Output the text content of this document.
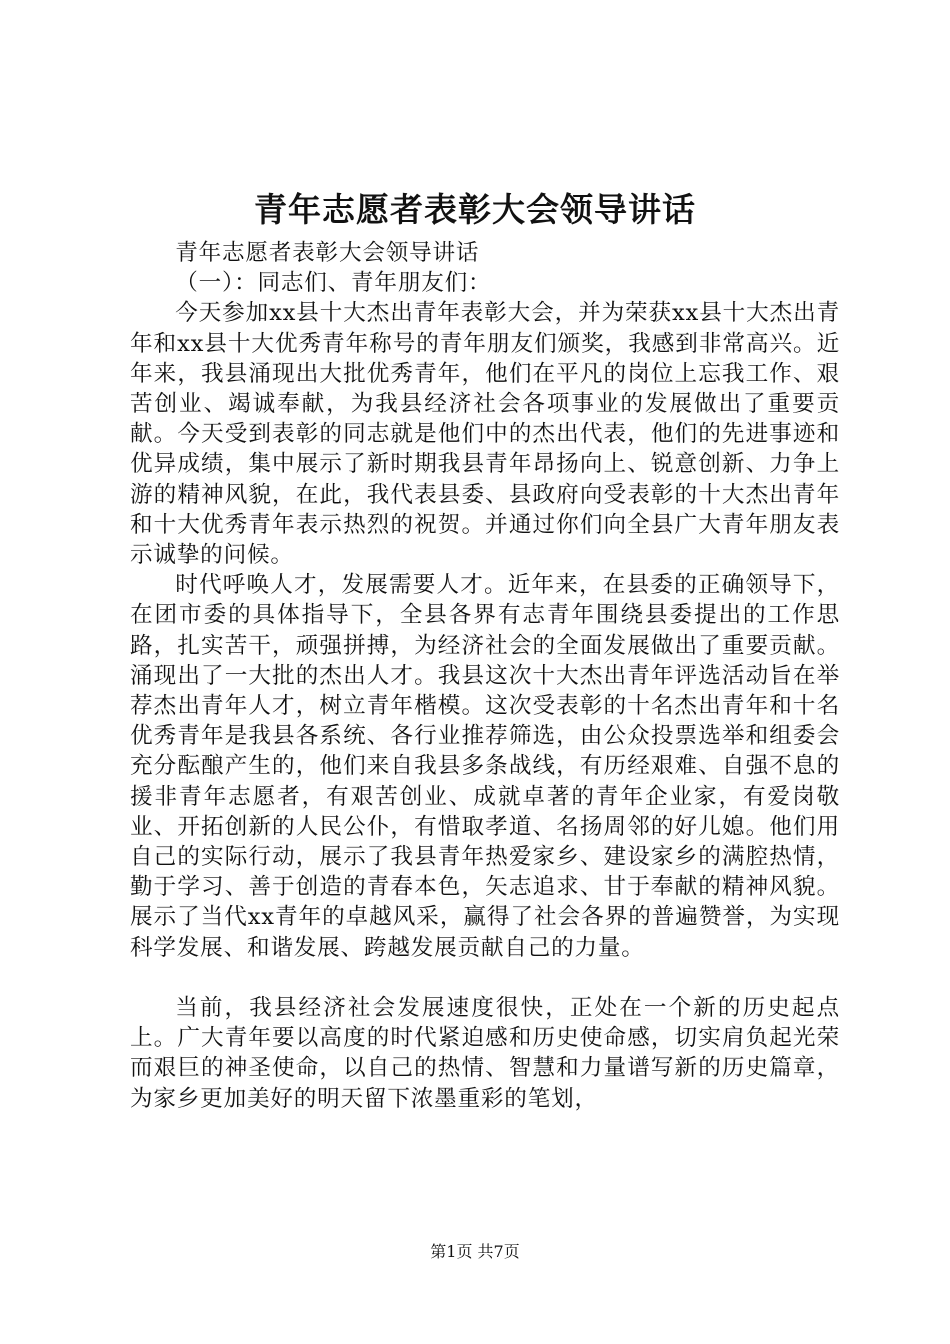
青年志愿者表彰大会领导讲话

青年志愿者表彰大会领导讲话

（一）：同志们、青年朋友们：

今天参加xx县十大杰出青年表彰大会，并为荣获xx县十大杰出青年和xx县十大优秀青年称号的青年朋友们颁奖，我感到非常高兴。近年来，我县涌现出大批优秀青年，他们在平凡的岗位上忘我工作、艰苦创业、竭诚奉献，为我县经济社会各项事业的发展做出了重要贡献。今天受到表彰的同志就是他们中的杰出代表，他们的先进事迹和优异成绩，集中展示了新时期我县青年昂扬向上、锐意创新、力争上游的精神风貌，在此，我代表县委、县政府向受表彰的十大杰出青年和十大优秀青年表示热烈的祝贺。并通过你们向全县广大青年朋友表示诚挚的问候。

时代呼唤人才，发展需要人才。近年来，在县委的正确领导下，在团市委的具体指导下，全县各界有志青年围绕县委提出的工作思路，扎实苦干，顽强拼搏，为经济社会的全面发展做出了重要贡献。涌现出了一大批的杰出人才。我县这次十大杰出青年评选活动旨在举荐杰出青年人才，树立青年楷模。这次受表彰的十名杰出青年和十名优秀青年是我县各系统、各行业推荐筛选，由公众投票选举和组委会充分酝酿产生的，他们来自我县多条战线，有历经艰难、自强不息的援非青年志愿者，有艰苦创业、成就卓著的青年企业家，有爱岗敬业、开拓创新的人民公仆，有惜取孝道、名扬周邻的好儿媳。他们用自己的实际行动，展示了我县青年热爱家乡、建设家乡的满腔热情，勤于学习、善于创造的青春本色，矢志追求、甘于奉献的精神风貌。展示了当代xx青年的卓越风采，赢得了社会各界的普遍赞誉，为实现科学发展、和谐发展、跨越发展贡献自己的力量。

当前，我县经济社会发展速度很快，正处在一个新的历史起点上。广大青年要以高度的时代紧迫感和历史使命感，切实肩负起光荣而艰巨的神圣使命，以自己的热情、智慧和力量谱写新的历史篇章，为家乡更加美好的明天留下浓墨重彩的笔划，

第1页 共7页
